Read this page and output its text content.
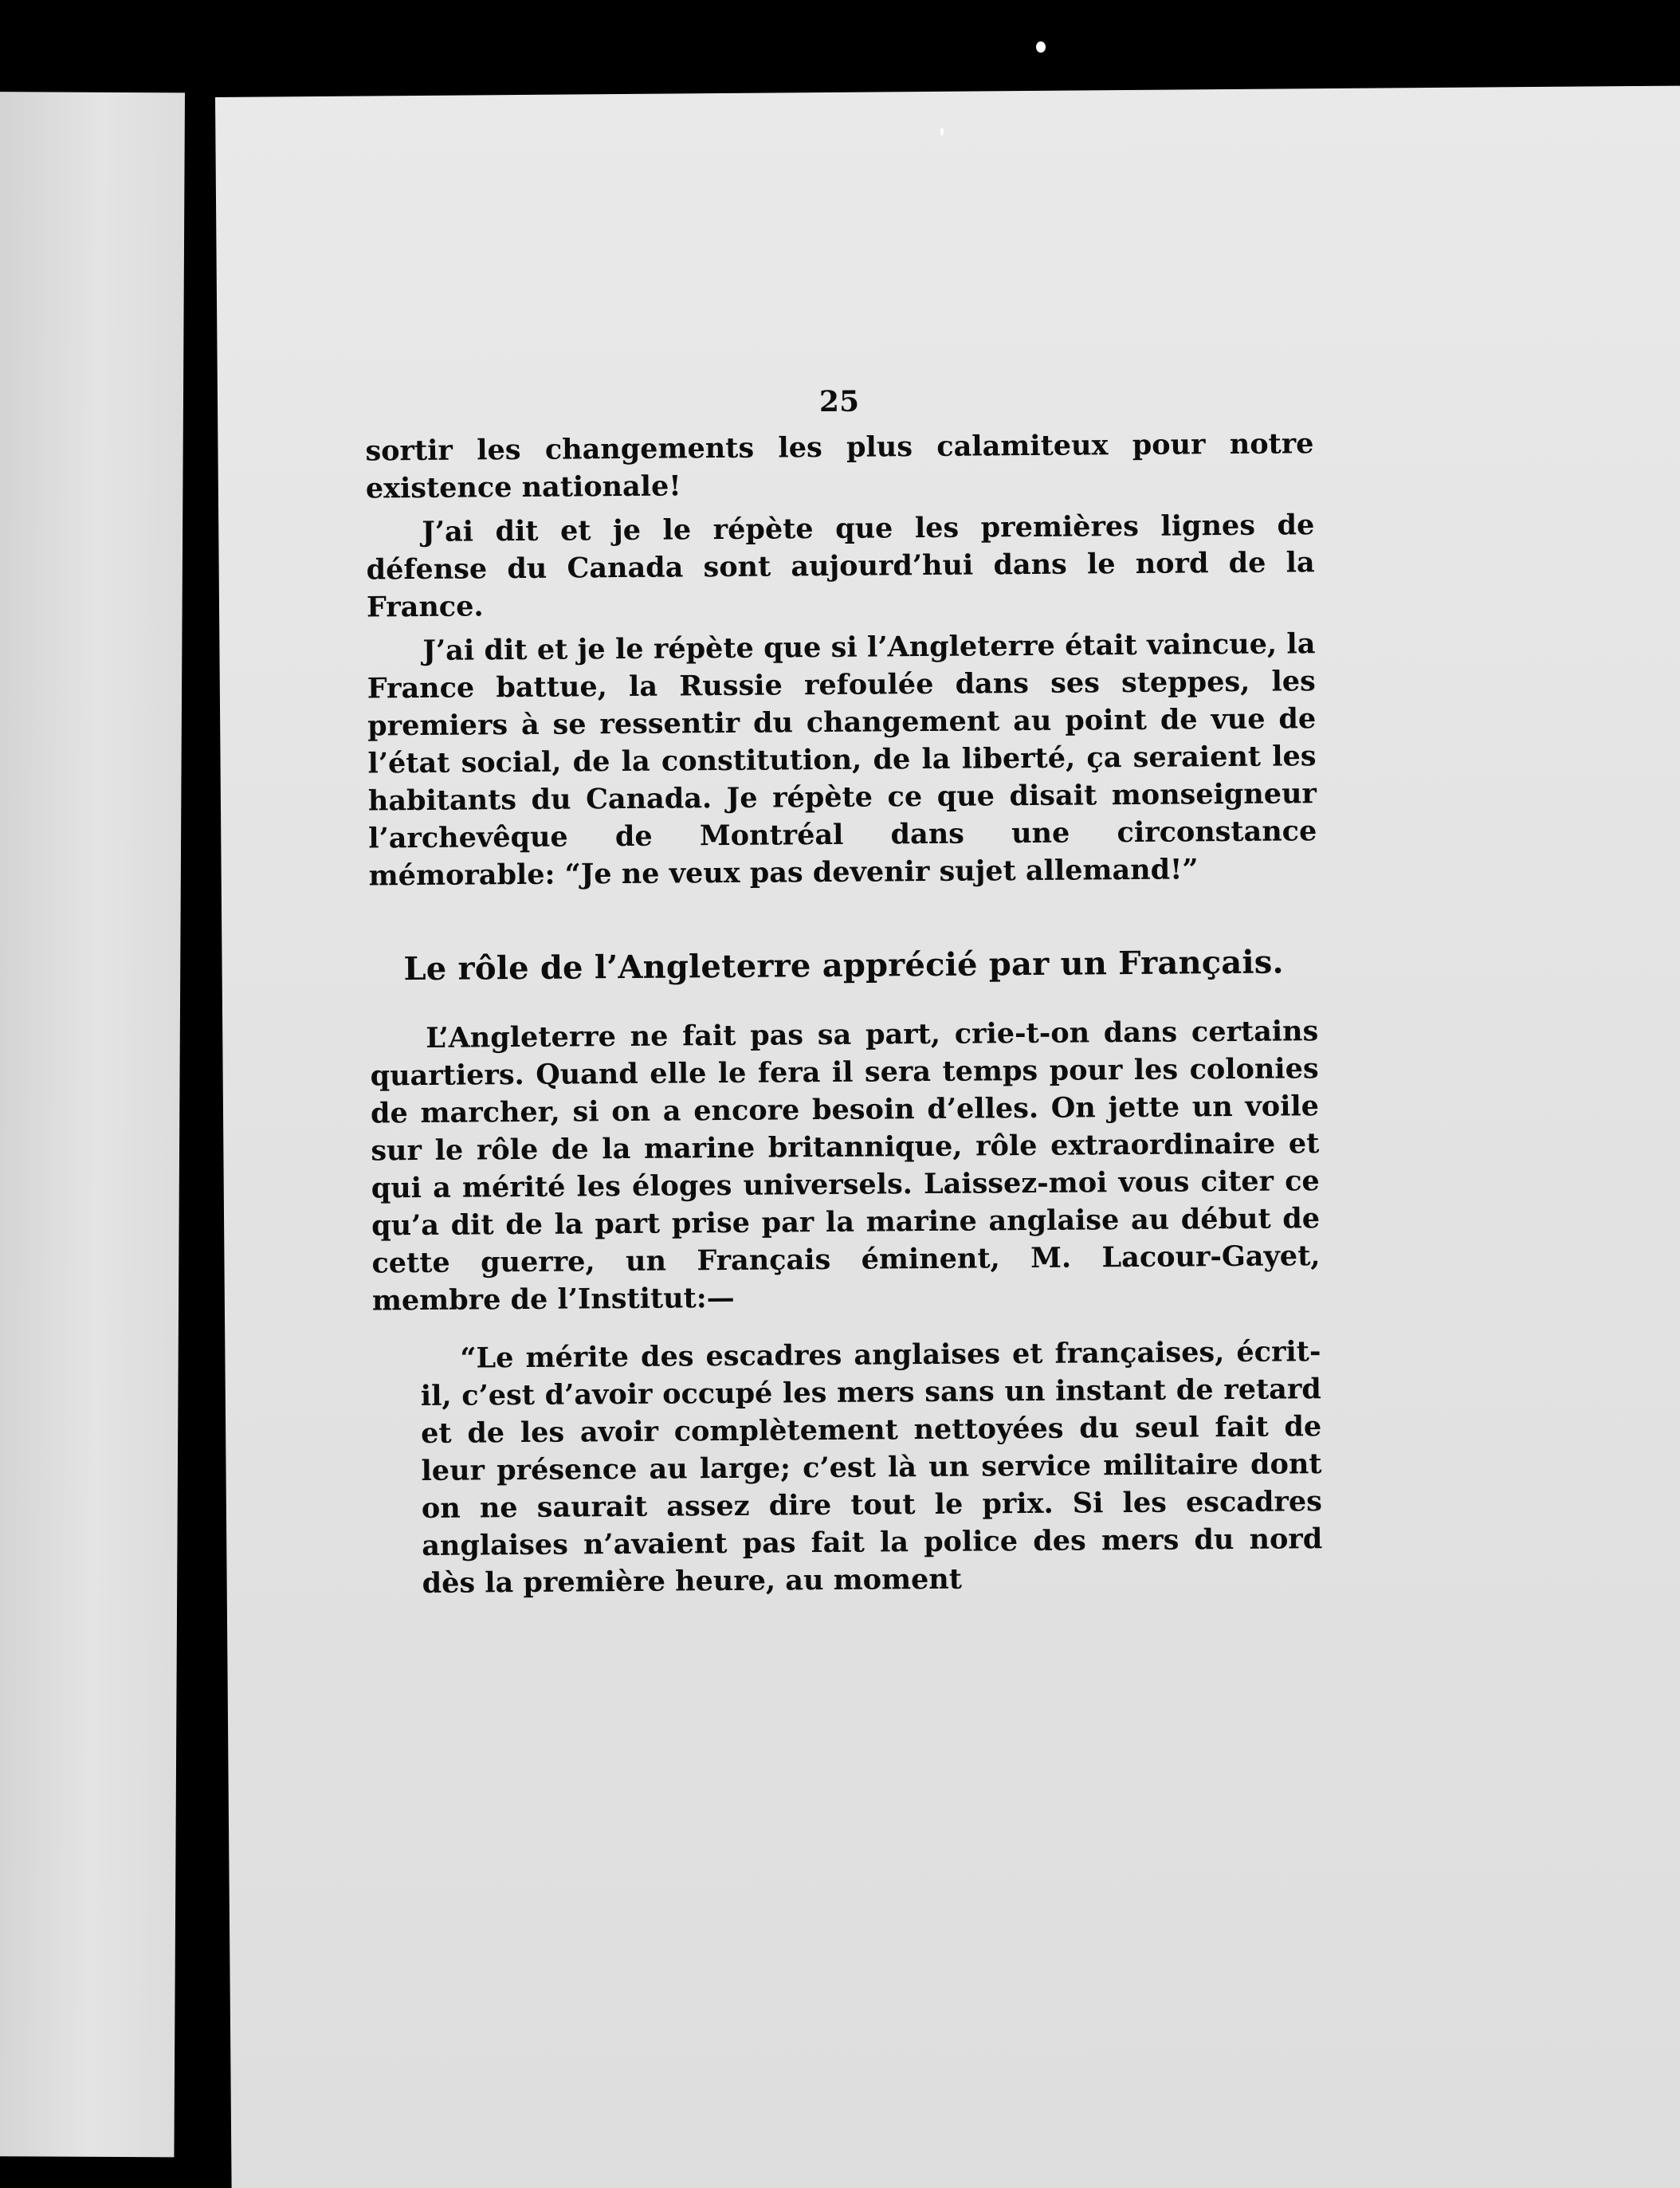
25

sortir les changements les plus calamiteux pour notre existence nationale!

J’ai dit et je le répète que les premières lignes de défense du Canada sont aujourd’hui dans le nord de la France.

J’ai dit et je le répète que si l’Angleterre était vaincue, la France battue, la Russie refoulée dans ses steppes, les premiers à se ressentir du changement au point de vue de l’état social, de la constitution, de la liberté, ça seraient les habitants du Canada. Je répète ce que disait monseigneur l’archevêque de Montréal dans une circonstance mémorable: “Je ne veux pas devenir sujet allemand!”

Le rôle de l’Angleterre apprécié par un Français.

L’Angleterre ne fait pas sa part, crie-t-on dans certains quartiers. Quand elle le fera il sera temps pour les colonies de marcher, si on a encore besoin d’elles. On jette un voile sur le rôle de la marine britannique, rôle extraordinaire et qui a mérité les éloges universels. Laissez-moi vous citer ce qu’a dit de la part prise par la marine anglaise au début de cette guerre, un Français éminent, M. Lacour-Gayet, membre de l’Institut:—

“Le mérite des escadres anglaises et françaises, écrit-il, c’est d’avoir occupé les mers sans un instant de retard et de les avoir complètement nettoyées du seul fait de leur présence au large; c’est là un service militaire dont on ne saurait assez dire tout le prix. Si les escadres anglaises n’avaient pas fait la police des mers du nord dès la première heure, au moment
